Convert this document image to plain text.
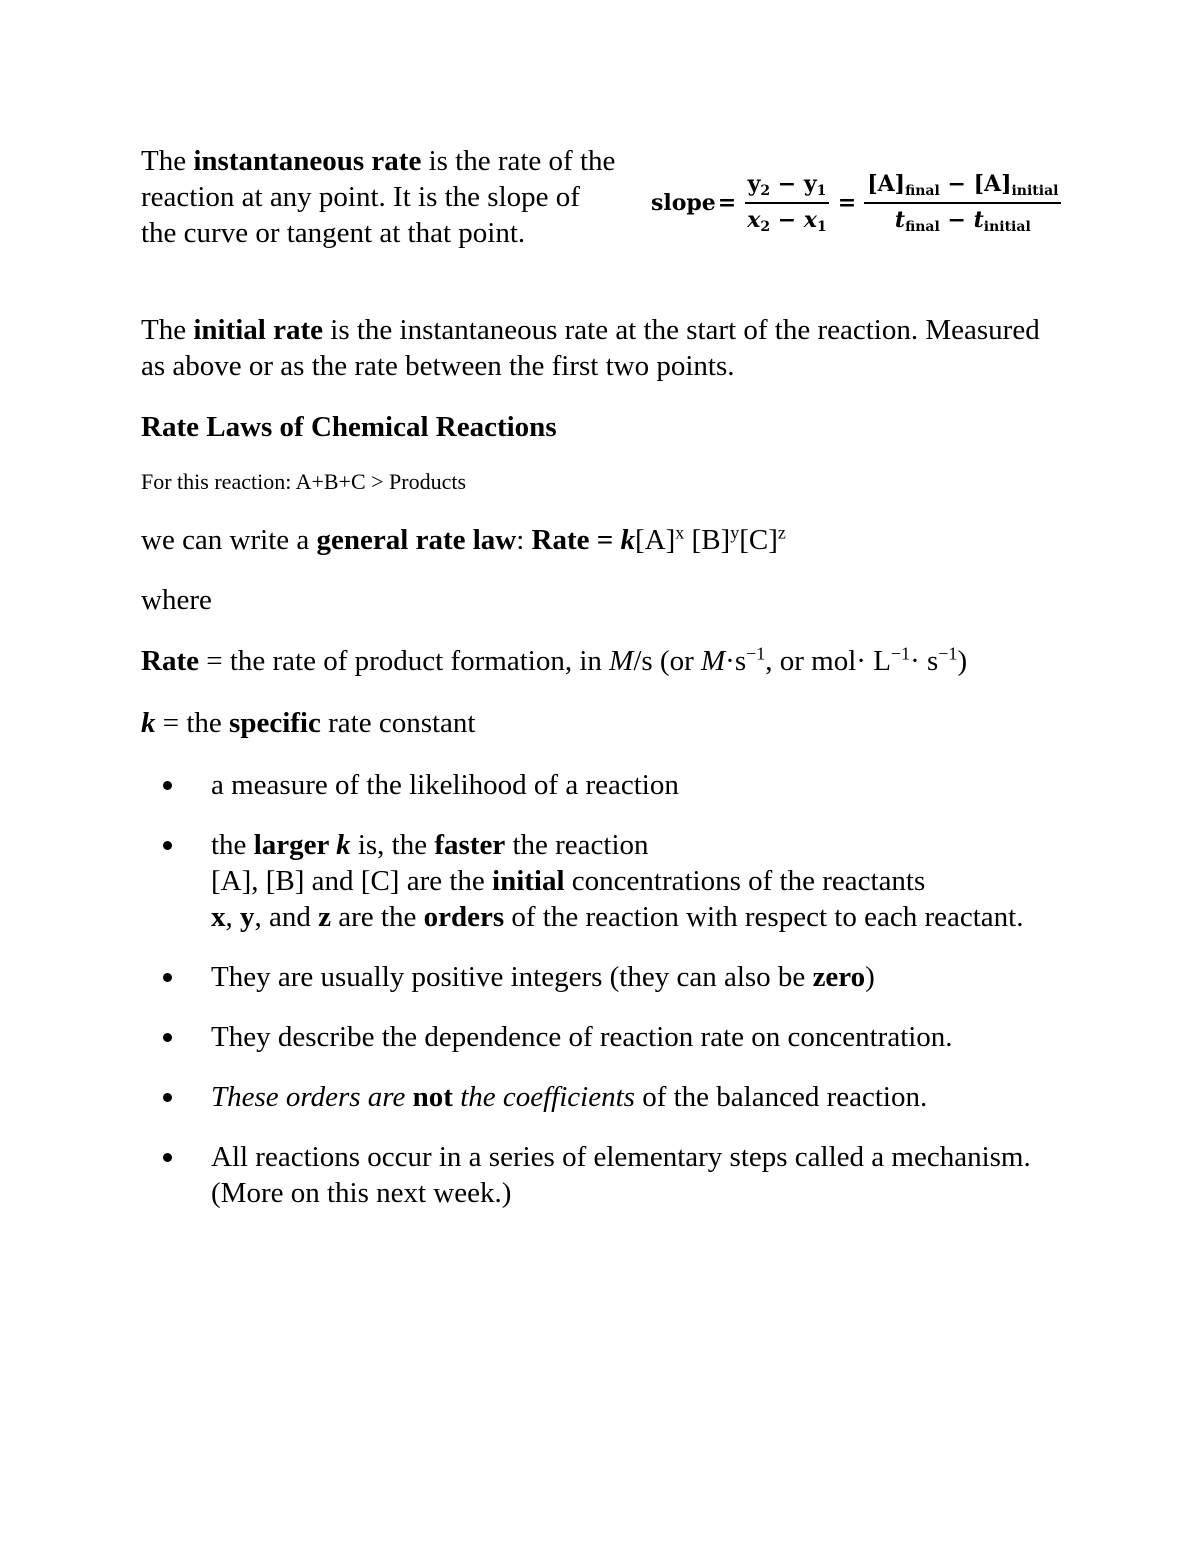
The instantaneous rate is the rate of the reaction at any point. It is the slope of the curve or tangent at that point.

slope = $\frac{y_2 - y_1}{x_2 - x_1} = \frac{[A]_{final} - [A]_{initial}}{t_{final} - t_{initial}}$

The initial rate is the instantaneous rate at the start of the reaction. Measured as above or as the rate between the first two points.

Rate Laws of Chemical Reactions

For this reaction: A+B+C > Products

we can write a general rate law: Rate = $k[A]^x$ $[B]^y[C]^z$

where

Rate = the rate of product formation, in M/s (or $M\cdot s^{-1}$, or $mol\cdot L^{-1}\cdot s^{-1}$)

k = the specific rate constant

a measure of the likelihood of a reaction
the larger k is, the faster the reaction
[A], [B] and [C] are the initial concentrations of the reactants
x, y, and z are the orders of the reaction with respect to each reactant.
They are usually positive integers (they can also be zero)
They describe the dependence of reaction rate on concentration.
These orders are not the coefficients of the balanced reaction.
All reactions occur in a series of elementary steps called a mechanism. (More on this next week.)
